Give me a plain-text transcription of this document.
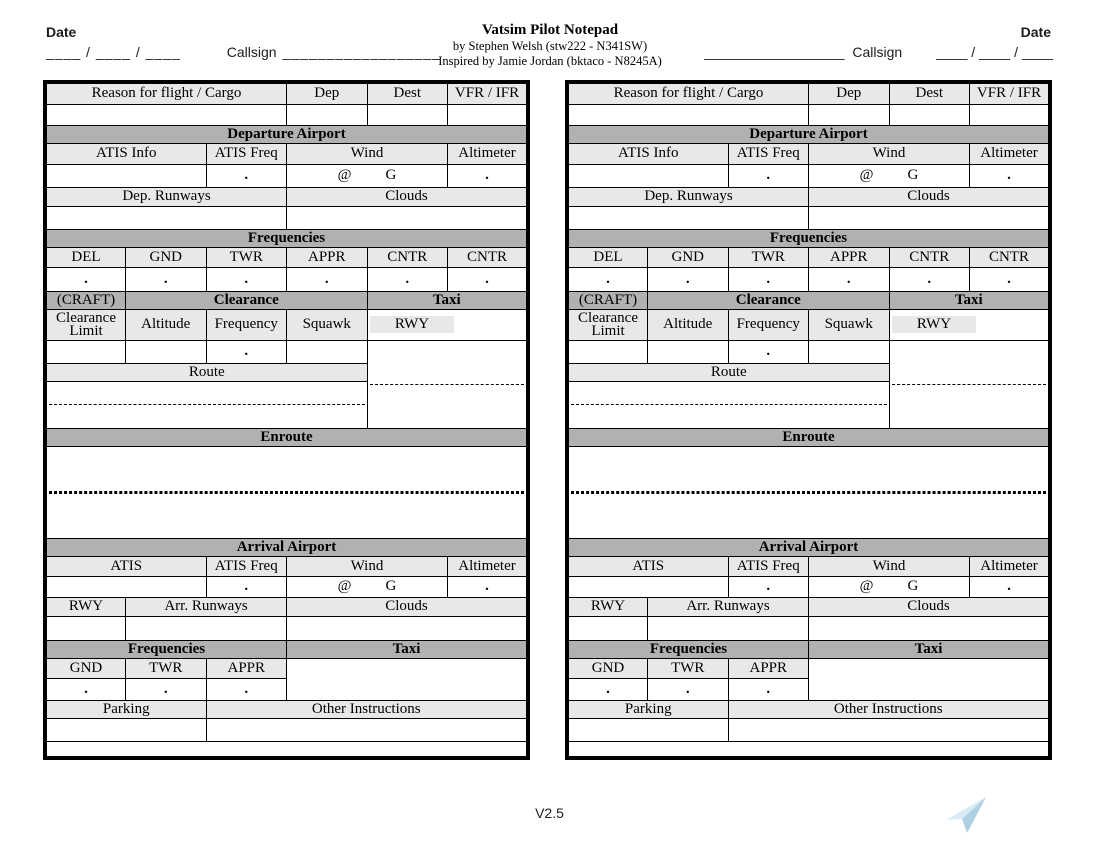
Date
____ / ____ / ____	Callsign __________________
Vatsim Pilot Notepad
by Stephen Welsh (stw222 - N341SW)
Inspired by Jamie Jordan (bktaco - N8245A)
Date
__________________ Callsign ____ / ____ / ____
Reason for flight / Cargo			Dep	Dest	VFR / IFR

Departure Airport					
ATIS Info		ATIS Freq	Wind		Altimeter
		.	@ G		.
Dep. Runways			Clouds		

Frequencies					
DEL	GND	TWR	APPR	CNTR	CNTR
.	.	.	.	.	.
(CRAFT)	Clearance			Taxi	

Clearance
Limit	Altitude	Frequency	Squawk	RWY	

		.			

Route					

Enroute					

Arrival Airport					
ATIS		ATIS Freq	Wind		Altimeter
		.	@ G		.
RWY	Arr. Runways		Clouds		

Frequencies			Taxi		
GND	TWR	APPR			
.	.	.			
Parking		Other Instructions			

Reason for flight / Cargo			Dep	Dest	VFR / IFR

Departure Airport					
ATIS Info		ATIS Freq	Wind		Altimeter
		.	@ G		.
Dep. Runways			Clouds		

Frequencies					
DEL	GND	TWR	APPR	CNTR	CNTR
.	.	.	.	.	.
(CRAFT)	Clearance			Taxi	

Clearance
Limit	Altitude	Frequency	Squawk	RWY	

		.			

Route					

Enroute					

Arrival Airport					
ATIS		ATIS Freq	Wind		Altimeter
		.	@ G		.
RWY	Arr. Runways		Clouds		

Frequencies			Taxi		
GND	TWR	APPR			
.	.	.			
Parking		Other Instructions			

V2.5
